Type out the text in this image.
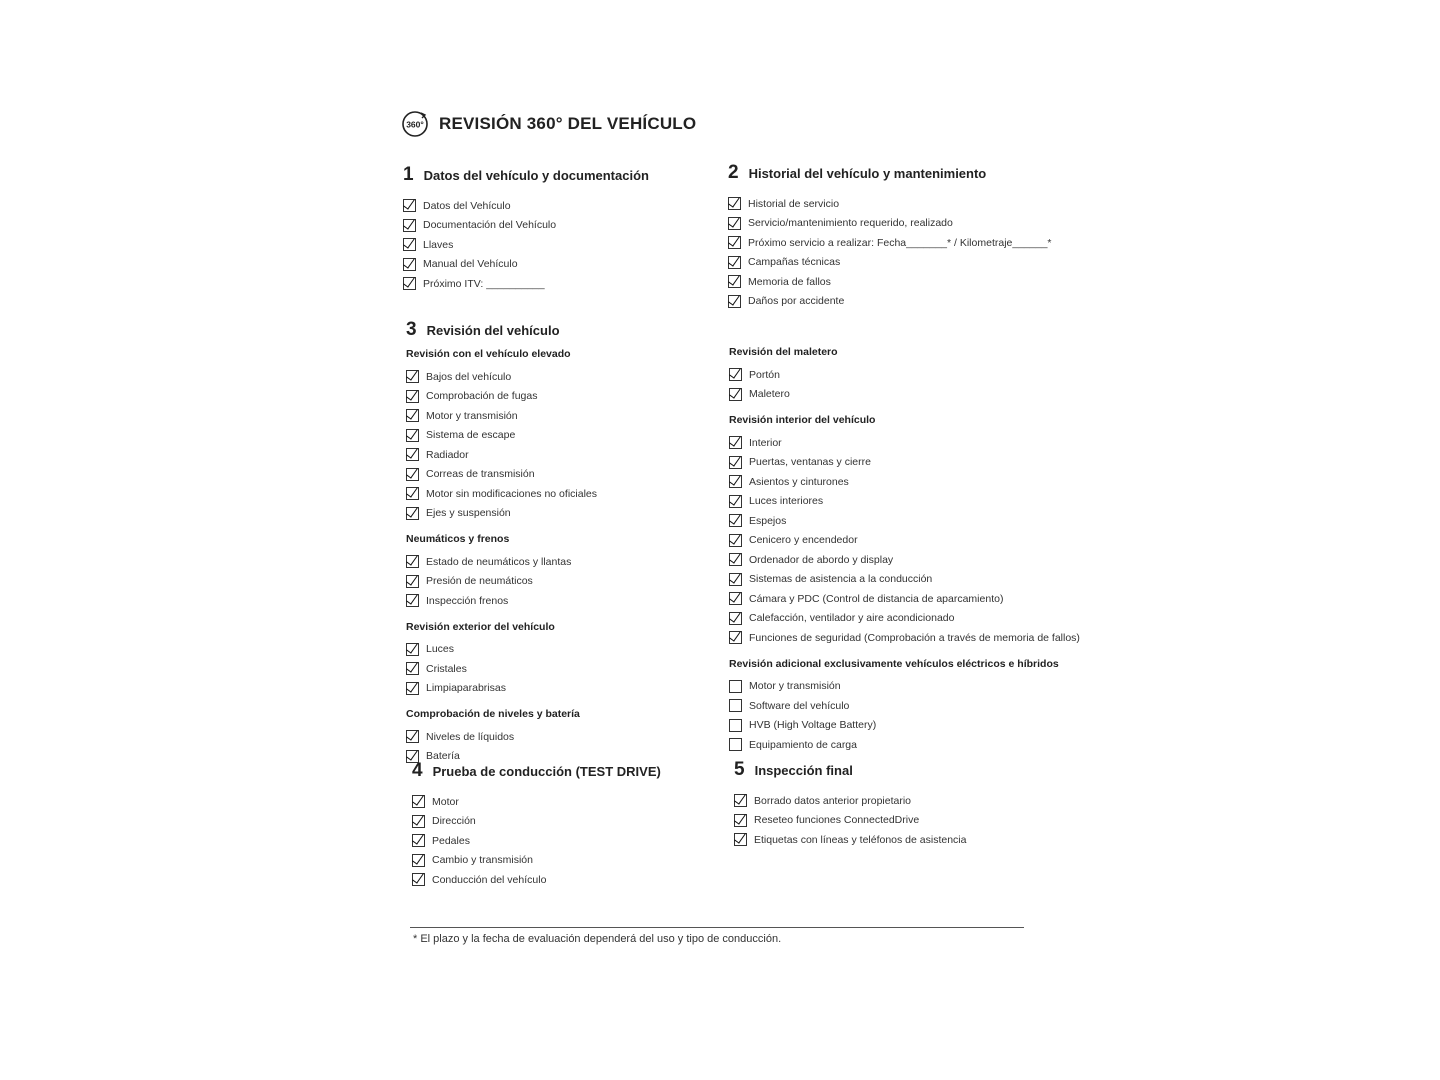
360° REVISIÓN 360° DEL VEHÍCULO
1 Datos del vehículo y documentación
Datos del Vehículo
Documentación del Vehículo
Llaves
Manual del Vehículo
Próximo ITV: __________
2 Historial del vehículo y mantenimiento
Historial de servicio
Servicio/mantenimiento requerido, realizado
Próximo servicio a realizar: Fecha_______* / Kilometraje______*
Campañas técnicas
Memoria de fallos
Daños por accidente
3 Revisión del vehículo
Revisión con el vehículo elevado
Bajos del vehículo
Comprobación de fugas
Motor y transmisión
Sistema de escape
Radiador
Correas de transmisión
Motor sin modificaciones no oficiales
Ejes y suspensión
Neumáticos y frenos
Estado de neumáticos y llantas
Presión de neumáticos
Inspección frenos
Revisión exterior del vehículo
Luces
Cristales
Limpiaparabrisas
Comprobación de niveles y batería
Niveles de líquidos
Batería
Revisión del maletero
Portón
Maletero
Revisión interior del vehículo
Interior
Puertas, ventanas y cierre
Asientos y cinturones
Luces interiores
Espejos
Cenicero y encendedor
Ordenador de abordo y display
Sistemas de asistencia a la conducción
Cámara y PDC (Control de distancia de aparcamiento)
Calefacción, ventilador y aire acondicionado
Funciones de seguridad (Comprobación a través de memoria de fallos)
Revisión adicional exclusivamente vehículos eléctricos e híbridos
Motor y transmisión
Software del vehículo
HVB (High Voltage Battery)
Equipamiento de carga
4 Prueba de conducción (TEST DRIVE)
Motor
Dirección
Pedales
Cambio y transmisión
Conducción del vehículo
5 Inspección final
Borrado datos anterior propietario
Reseteo funciones ConnectedDrive
Etiquetas con líneas y teléfonos de asistencia
* El plazo y la fecha de evaluación dependerá del uso y tipo de conducción.
